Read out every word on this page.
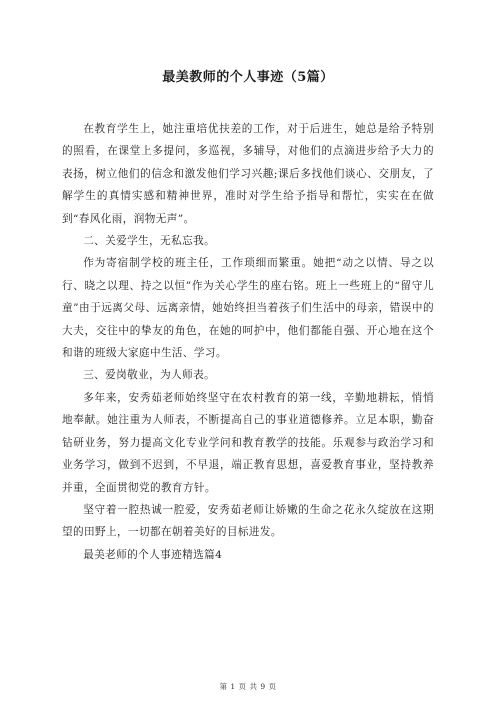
最美教师的个人事迹（5篇）

在教育学生上，她注重培优扶差的工作，对于后进生，她总是给予特别的照看，在课堂上多提问，多巡视，多辅导，对他们的点滴进步给予大力的表扬，树立他们的信念和激发他们学习兴趣;课后多找他们谈心、交朋友，了解学生的真情实感和精神世界，准时对学生给予指导和帮忙，实实在在做到“春风化雨，润物无声”。

二、关爱学生，无私忘我。

作为寄宿制学校的班主任，工作琐细而繁重。她把“动之以情、导之以行、晓之以理、持之以恒”作为关心学生的座右铭。班上一些班上的“留守儿童”由于远离父母、远离亲情，她始终担当着孩子们生活中的母亲，错误中的大夫，交往中的挚友的角色，在她的呵护中，他们都能自强、开心地在这个和谐的班级大家庭中生活、学习。

三、爱岗敬业，为人师表。

多年来，安秀茹老师始终坚守在农村教育的第一线，辛勤地耕耘，悄悄地奉献。她注重为人师表，不断提高自己的事业道德修养。立足本职，勤奋钻研业务，努力提高文化专业学问和教育教学的技能。乐观参与政治学习和业务学习，做到不迟到，不早退，端正教育思想，喜爱教育事业，坚持教养并重，全面贯彻党的教育方针。

坚守着一腔热诚一腔爱，安秀茹老师让娇嫩的生命之花永久绽放在这期望的田野上，一切都在朝着美好的目标进发。

最美老师的个人事迹精选篇4

第 1 页 共 9 页
